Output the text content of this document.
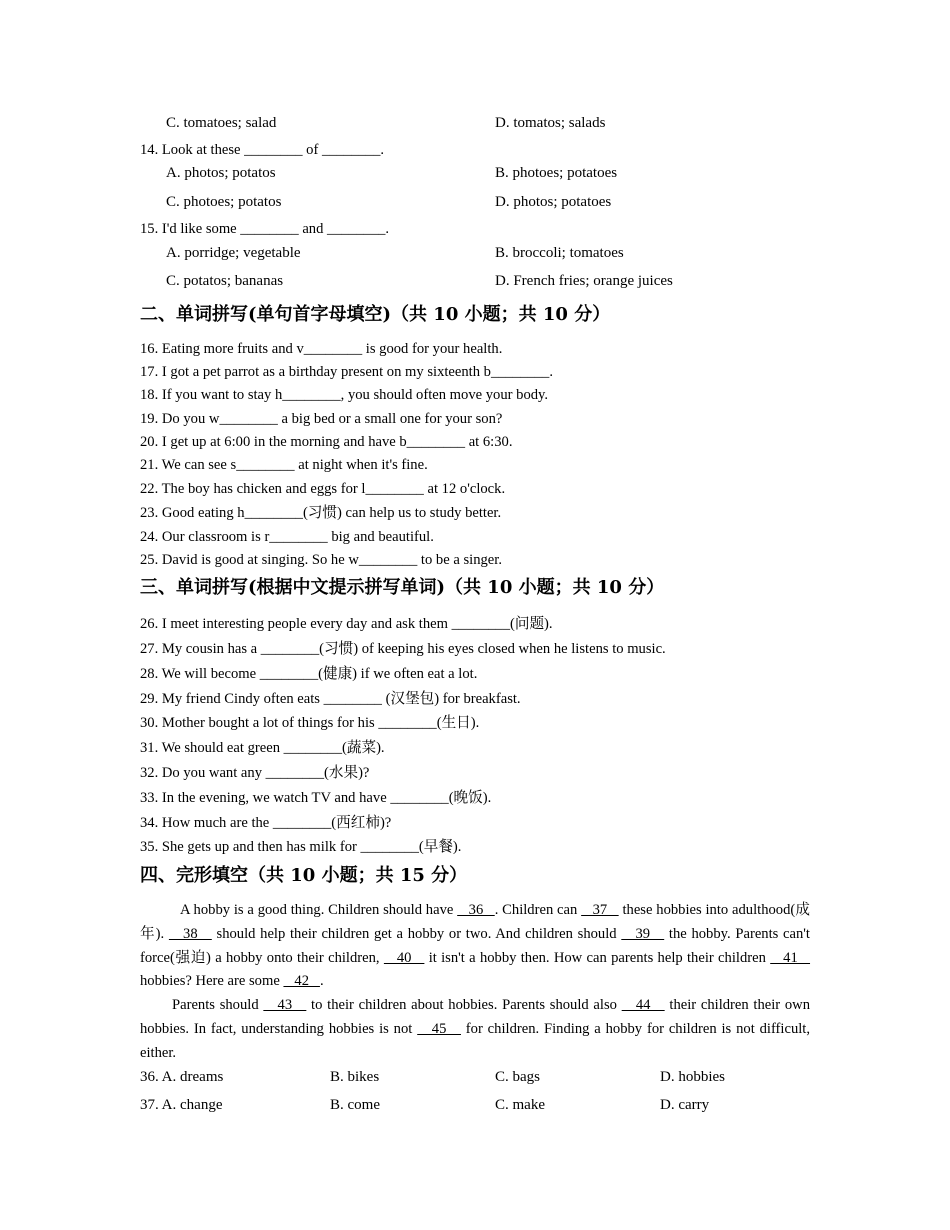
C. tomatoes; salad	D. tomatos; salads
14. Look at these ________ of ________.
A. photos; potatos	B. photoes; potatoes
C. photoes; potatos	D. photos; potatoes
15. I'd like some ________ and ________.
A. porridge; vegetable	B. broccoli; tomatoes
C. potatos; bananas	D. French fries; orange juices
二、单词拼写(单句首字母填空)（共 10 小题；共 10 分）
16. Eating more fruits and v________ is good for your health.
17. I got a pet parrot as a birthday present on my sixteenth b________.
18. If you want to stay h________, you should often move your body.
19. Do you w________ a big bed or a small one for your son?
20. I get up at 6:00 in the morning and have b________ at 6:30.
21. We can see s________ at night when it's fine.
22. The boy has chicken and eggs for l________ at 12 o'clock.
23. Good eating h________(习惯) can help us to study better.
24. Our classroom is r________ big and beautiful.
25. David is good at singing. So he w________ to be a singer.
三、单词拼写(根据中文提示拼写单词)（共 10 小题；共 10 分）
26. I meet interesting people every day and ask them ________(问题).
27. My cousin has a ________(习惯) of keeping his eyes closed when he listens to music.
28. We will become ________(健康) if we often eat a lot.
29. My friend Cindy often eats ________ (汉堡包) for breakfast.
30. Mother bought a lot of things for his ________(生日).
31. We should eat green ________(蔬菜).
32. Do you want any ________(水果)?
33. In the evening, we watch TV and have ________(晚饭).
34. How much are the ________(西红柿)?
35. She gets up and then has milk for ________(早餐).
四、完形填空（共 10 小题；共 15 分）

A hobby is a good thing. Children should have    36   . Children can    37    these hobbies into adulthood(成年).    38    should help their children get a hobby or two. And children should    39    the hobby. Parents can't force(强迫) a hobby onto their children,    40    it isn't a hobby then. How can parents help their children    41    hobbies? Here are some    42   .

Parents should    43    to their children about hobbies. Parents should also    44    their children their own hobbies. In fact, understanding hobbies is not    45    for children. Finding a hobby for children is not difficult, either.

36. A. dreams	B. bikes	C. bags	D. hobbies
37. A. change	B. come	C. make	D. carry
